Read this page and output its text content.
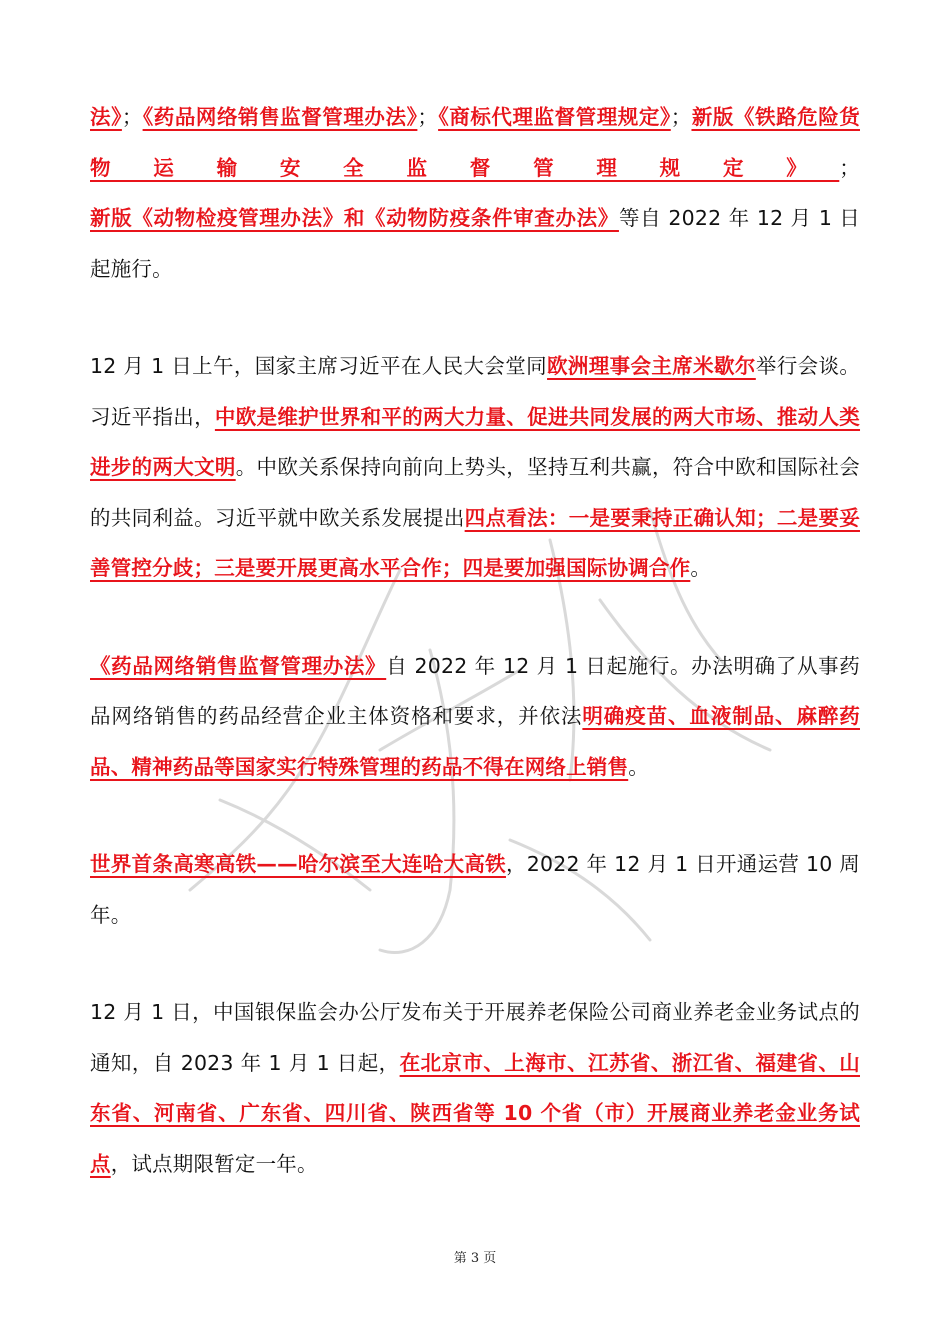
法》；《药品网络销售监督管理办法》；《商标代理监督管理规定》；新版《铁路危险货物运输安全监督管理规定》；新版《动物检疫管理办法》和《动物防疫条件审查办法》等自 2022 年 12 月 1 日起施行。

12 月 1 日上午，国家主席习近平在人民大会堂同欧洲理事会主席米歇尔举行会谈。习近平指出，中欧是维护世界和平的两大力量、促进共同发展的两大市场、推动人类进步的两大文明。中欧关系保持向前向上势头，坚持互利共赢，符合中欧和国际社会的共同利益。习近平就中欧关系发展提出四点看法：一是要秉持正确认知；二是要妥善管控分歧；三是要开展更高水平合作；四是要加强国际协调合作。

《药品网络销售监督管理办法》自 2022 年 12 月 1 日起施行。办法明确了从事药品网络销售的药品经营企业主体资格和要求，并依法明确疫苗、血液制品、麻醉药品、精神药品等国家实行特殊管理的药品不得在网络上销售。

世界首条高寒高铁——哈尔滨至大连哈大高铁，2022 年 12 月 1 日开通运营 10 周年。

12 月 1 日，中国银保监会办公厅发布关于开展养老保险公司商业养老金业务试点的通知，自 2023 年 1 月 1 日起，在北京市、上海市、江苏省、浙江省、福建省、山东省、河南省、广东省、四川省、陕西省等 10 个省（市）开展商业养老金业务试点，试点期限暂定一年。

第 3 页
